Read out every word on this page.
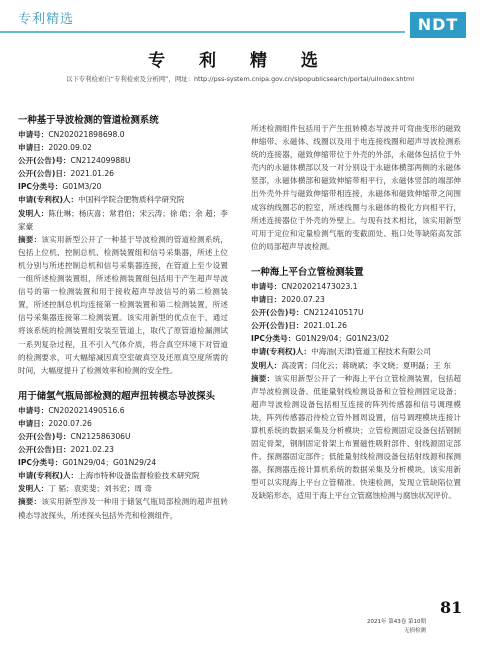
专利精选	NDT
专 利 精 选
以下专利检索自“专利检索及分析网”，网址：http://pss-system.cnipa.gov.cn/sipopublicsearch/portal/uiIndex.shtml
一种基于导波检测的管道检测系统
申请号：CN202021898698.0
申请日：2020.09.02
公开(公告)号：CN212409988U
公开(公告)日：2021.01.26
IPC分类号：G01M3/20
申请(专利权)人：中国科学院合肥物质科学研究院
发明人：陈仕琳；杨庆喜；常君伯；宋云涛；徐 皓；余 超；李家豪
摘要：该实用新型公开了一种基于导波检测的管道检测系统，包括上位机、控制总机、检测装置组和信号采集器，所述上位机分别与所述控制总机和信号采集器连接，在管道上至少设置一组所述检测装置组，所述检测装置组包括用于产生超声导波信号的第一检测装置和用于接收超声导波信号的第二检测装置，所述控制总机均连接第一检测装置和第二检测装置，所述信号采集器连接第二检测装置。该实用新型的优点在于，通过将该系统的检测装置组安装至管道上，取代了原管道检漏测试一系列复杂过程，且不引入气体介质，将合真空环境下对管道的检测要求，可大幅缩减因真空室破真空及还原真空度所需的时间，大幅度提升了检测效率和检测的安全性。
用于储氢气瓶局部检测的超声扭转模态导波探头
申请号：CN202021490516.6
申请日：2020.07.26
公开(公告)号：CN212586306U
公开(公告)日：2021.02.23
IPC分类号：G01N29/04；G01N29/24
申请(专利权)人：上海市特种设备监督检验技术研究院
发明人：丁 韬；袁奕斐；刘书宏；周 奇
摘要：该实用新型涉及一种用于储氢气瓶局部检测的超声扭转模态导波探头，所述探头包括外壳和检测组件，
所述检测组件包括用于产生扭转模态导波并可弯曲变形的磁致伸缩带、永磁体、线圈以及用于电连接线圈和超声导波检测系统的连接器，磁致伸缩带位于外壳的外部，永磁体包括位于外壳内的永磁体横部以及一对分别设于永磁体横部两侧的永磁体竖部，永磁体横部和磁致伸缩带相平行，永磁体竖部的端部伸出外壳外并与磁致伸缩带相连接，永磁体和磁致伸缩带之间围成容纳线圈芯的腔室，所述线圈与永磁体的极化方向相平行，所述连接器位于外壳的外壁上。与现有技术相比，该实用新型可用于定位和定量检测气瓶的变截面处、瓶口处等缺陷高发部位的局部超声导波检测。
一种海上平台立管检测装置
申请号：CN202021473023.1
申请日：2020.07.23
公开(公告)号：CN212410517U
公开(公告)日：2021.01.26
IPC分类号：G01N29/04；G01N23/02
申请(专利权)人：中海油(天津)管道工程技术有限公司
发明人：高凌霄；闫化云；蒋晓斌；李文晓；夏明磊；王 东
摘要：该实用新型公开了一种海上平台立管检测装置，包括超声导波检测设备、低能量射线检测设备和立管检测固定设备；超声导波检测设备包括相互连接的阵列传感器和信号调理模块，阵列传感器沿待检立管外圆周设置，信号调理模块连接计算机系统的数据采集及分析模块；立管检测固定设备包括钢制固定骨架，钢制固定骨架上布置磁性吸附部件、射线源固定部件、探测器固定部件；低能量射线检测设备包括射线源和探测器，探测器连接计算机系统的数据采集及分析模块。该实用新型可以实现海上平台立管精准、快速检测，发现立管缺陷位置及缺陷形态，适用于海上平台立管腐蚀检测与腐蚀状况评价。
81
2021年 第43卷 第10期
无损检测
